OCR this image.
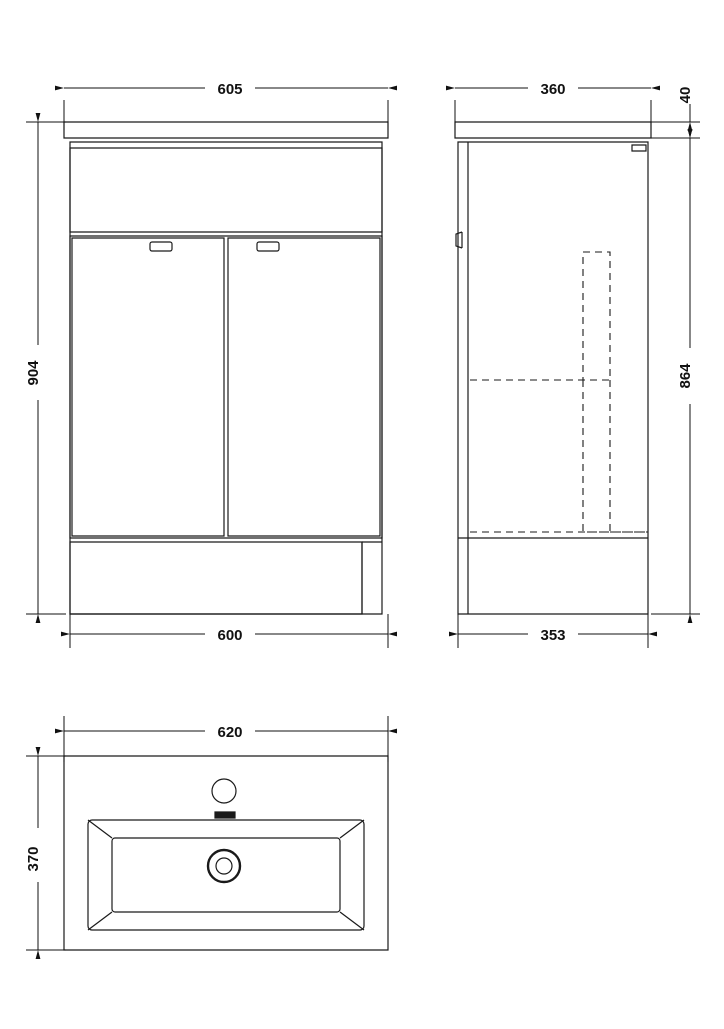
605
904
600
360	40
864
353
620
370
